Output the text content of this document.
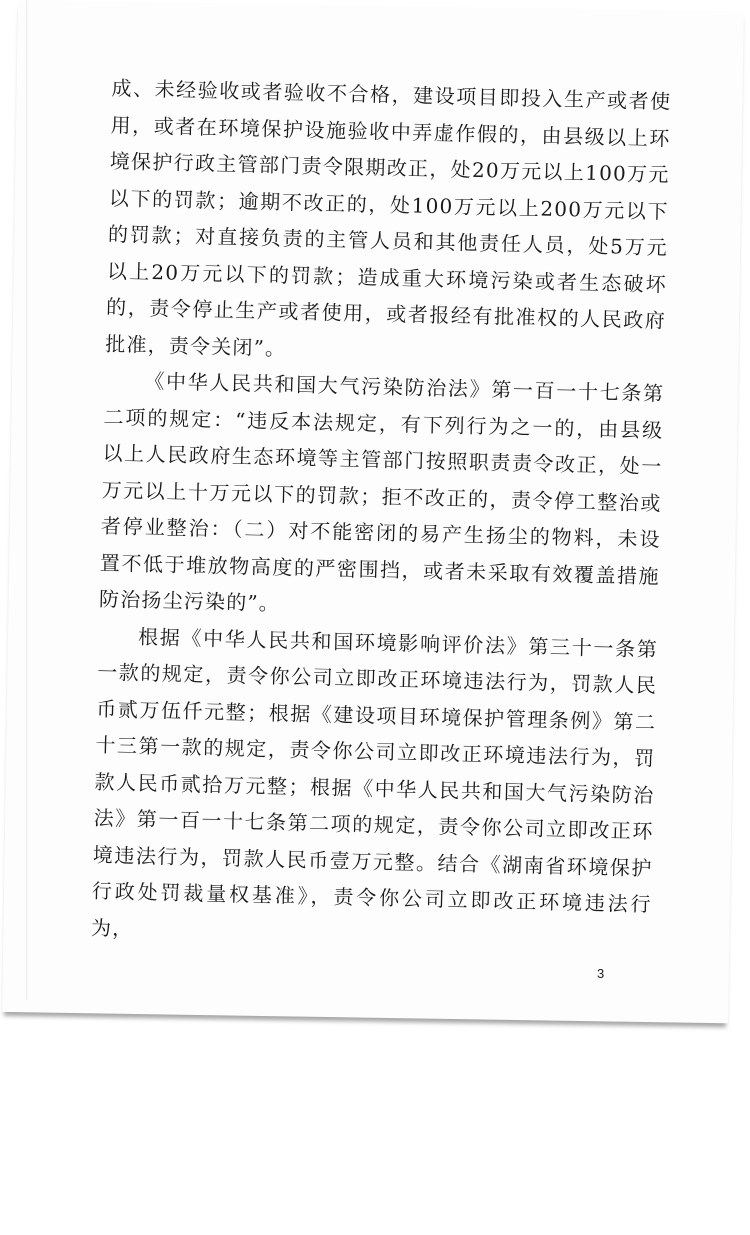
成、未经验收或者验收不合格，建设项目即投入生产或者使用，或者在环境保护设施验收中弄虚作假的，由县级以上环境保护行政主管部门责令限期改正，处20万元以上100万元以下的罚款；逾期不改正的，处100万元以上200万元以下的罚款；对直接负责的主管人员和其他责任人员，处5万元以上20万元以下的罚款；造成重大环境污染或者生态破坏的，责令停止生产或者使用，或者报经有批准权的人民政府批准，责令关闭”。

《中华人民共和国大气污染防治法》第一百一十七条第二项的规定：“违反本法规定，有下列行为之一的，由县级以上人民政府生态环境等主管部门按照职责责令改正，处一万元以上十万元以下的罚款；拒不改正的，责令停工整治或者停业整治：（二）对不能密闭的易产生扬尘的物料，未设置不低于堆放物高度的严密围挡，或者未采取有效覆盖措施防治扬尘污染的”。

根据《中华人民共和国环境影响评价法》第三十一条第一款的规定，责令你公司立即改正环境违法行为，罚款人民币贰万伍仟元整；根据《建设项目环境保护管理条例》第二十三第一款的规定，责令你公司立即改正环境违法行为，罚款人民币贰拾万元整；根据《中华人民共和国大气污染防治法》第一百一十七条第二项的规定，责令你公司立即改正环境违法行为，罚款人民币壹万元整。结合《湖南省环境保护行政处罚裁量权基准》，责令你公司立即改正环境违法行为，

3
